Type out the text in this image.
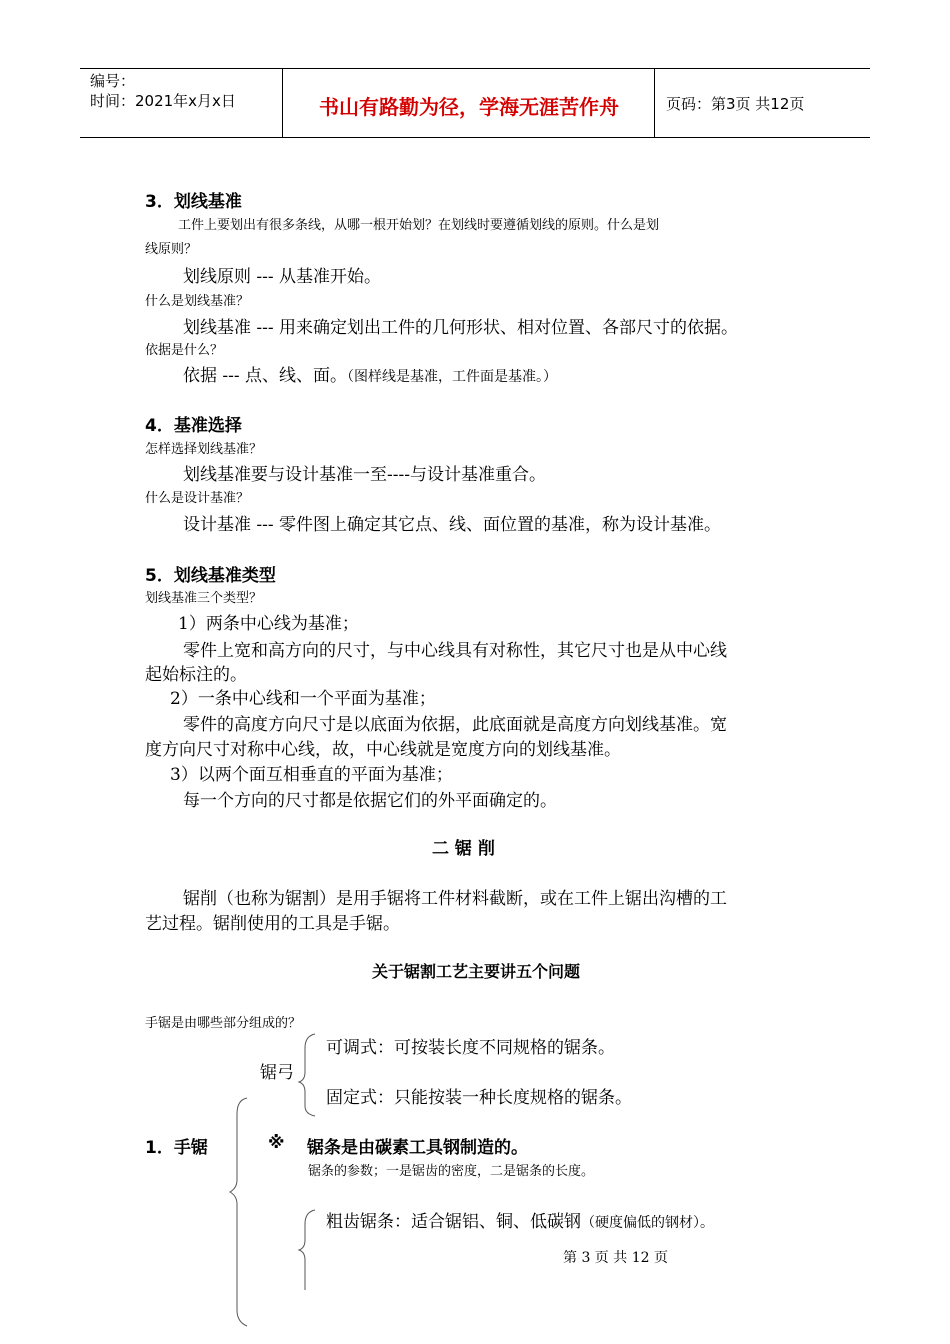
编号：
时间：2021年x月x日	书山有路勤为径，学海无涯苦作舟	页码：第3页 共12页
3．划线基准
工件上要划出有很多条线，从哪一根开始划？在划线时要遵循划线的原则。什么是划
线原则？
划线原则 --- 从基准开始。
什么是划线基准？
划线基准 --- 用来确定划出工件的几何形状、相对位置、各部尺寸的依据。
依据是什么？
依据 --- 点、线、面。（图样线是基准，工件面是基准。）
4．基准选择
怎样选择划线基准？
划线基准要与设计基准一至----与设计基准重合。
什么是设计基准？
设计基准 --- 零件图上确定其它点、线、面位置的基准，称为设计基准。
5．划线基准类型
划线基准三个类型？
1）两条中心线为基准；
零件上宽和高方向的尺寸，与中心线具有对称性，其它尺寸也是从中心线
起始标注的。
2）一条中心线和一个平面为基准；
零件的高度方向尺寸是以底面为依据，此底面就是高度方向划线基准。宽
度方向尺寸对称中心线，故，中心线就是宽度方向的划线基准。
3）以两个面互相垂直的平面为基准；
每一个方向的尺寸都是依据它们的外平面确定的。
二 锯 削
锯削（也称为锯割）是用手锯将工件材料截断，或在工件上锯出沟槽的工
艺过程。锯削使用的工具是手锯。
关于锯割工艺主要讲五个问题
手锯是由哪些部分组成的？
可调式：可按装长度不同规格的锯条。
锯弓
固定式：只能按装一种长度规格的锯条。
1．手锯	※ 锯条是由碳素工具钢制造的。
锯条的参数；一是锯齿的密度，二是锯条的长度。
粗齿锯条：适合锯铝、铜、低碳钢（硬度偏低的钢材）。
第 3 页 共 12 页
